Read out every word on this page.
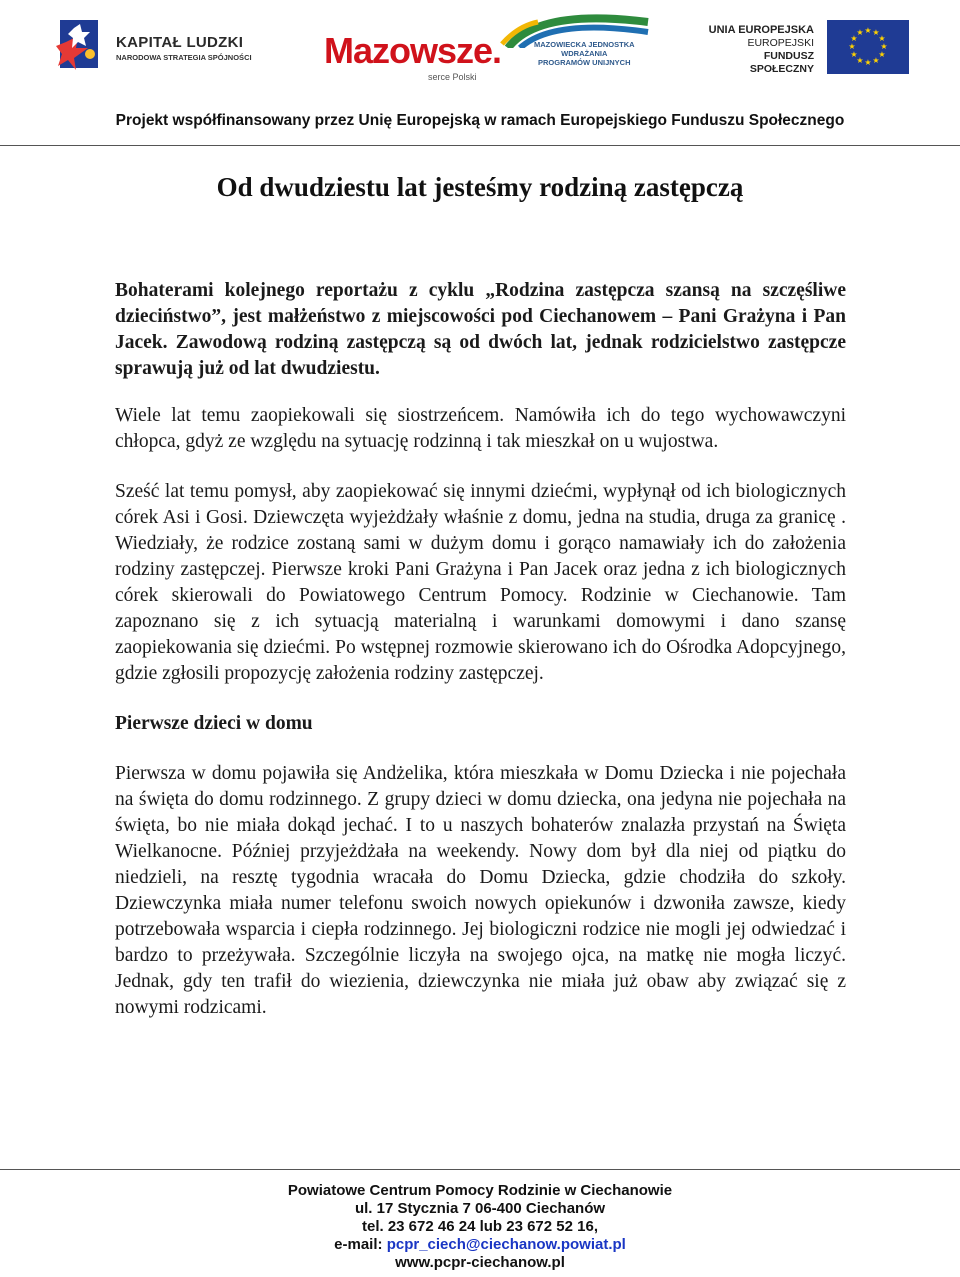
KAPITAŁ LUDZKI
NARODOWA STRATEGIA SPÓJNOŚCI Mazowsze.
serce Polski
MAZOWIECKA JEDNOSTKA
WDRAŻANIA
PROGRAMÓW UNIJNYCH
UNIA EUROPEJSKA
EUROPEJSKI
FUNDUSZ SPOŁECZNY
★ ★
★
★
★
★
★
★
★
★
★
★
Projekt współfinansowany przez Unię Europejską w ramach Europejskiego Funduszu Społecznego
Od dwudziestu lat jesteśmy rodziną zastępczą

Bohaterami kolejnego reportażu z cyklu „Rodzina zastępcza szansą na szczęśliwe dzieciństwo”, jest małżeństwo z miejscowości pod Ciechanowem – Pani Grażyna i Pan Jacek. Zawodową rodziną zastępczą są od dwóch lat, jednak rodzicielstwo zastępcze sprawują już od lat dwudziestu.

Wiele lat temu zaopiekowali się siostrzeńcem. Namówiła ich do tego wychowawczyni chłopca, gdyż ze względu na sytuację rodzinną i tak mieszkał on u wujostwa.

Sześć lat temu pomysł, aby zaopiekować się innymi dziećmi, wypłynął od ich biologicznych córek Asi i Gosi. Dziewczęta wyjeżdżały właśnie z domu, jedna na studia, druga za granicę . Wiedziały, że rodzice zostaną sami w dużym domu i gorąco namawiały ich do założenia rodziny zastępczej. Pierwsze kroki Pani Grażyna i Pan Jacek oraz jedna z ich biologicznych córek skierowali do Powiatowego Centrum Pomocy. Rodzinie w Ciechanowie. Tam zapoznano się z ich sytuacją materialną i warunkami domowymi i dano szansę zaopiekowania się dziećmi. Po wstępnej rozmowie skierowano ich do Ośrodka Adopcyjnego, gdzie zgłosili propozycję założenia rodziny zastępczej.

Pierwsze dzieci w domu

Pierwsza w domu pojawiła się Andżelika, która mieszkała w Domu Dziecka i nie pojechała na święta do domu rodzinnego. Z grupy dzieci w domu dziecka, ona jedyna nie pojechała na święta, bo nie miała dokąd jechać. I to u naszych bohaterów znalazła przystań na Święta Wielkanocne. Później przyjeżdżała na weekendy. Nowy dom był dla niej od piątku do niedzieli, na resztę tygodnia wracała do Domu Dziecka, gdzie chodziła do szkoły. Dziewczynka miała numer telefonu swoich nowych opiekunów i dzwoniła zawsze, kiedy potrzebowała wsparcia i ciepła rodzinnego. Jej biologiczni rodzice nie mogli jej odwiedzać i bardzo to przeżywała. Szczególnie liczyła na swojego ojca, na matkę nie mogła liczyć. Jednak, gdy ten trafił do wiezienia, dziewczynka nie miała już obaw aby związać się z nowymi rodzicami.

Powiatowe Centrum Pomocy Rodzinie w Ciechanowie
ul. 17 Stycznia 7 06-400 Ciechanów
tel. 23 672 46 24 lub 23 672 52 16,
e-mail: pcpr_ciech@ciechanow.powiat.pl
www.pcpr-ciechanow.pl
